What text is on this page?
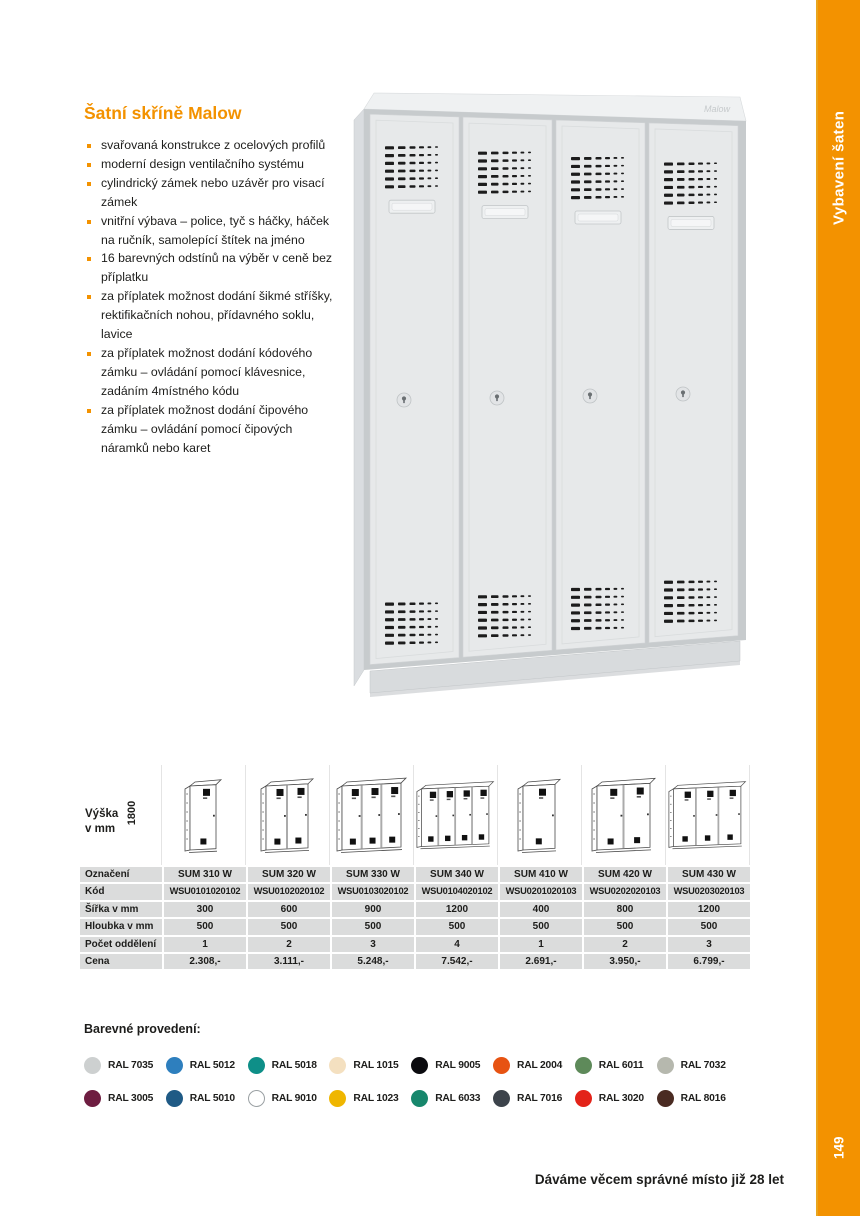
Vybavení šaten
149
Šatní skříně Malow
svařovaná konstrukce z ocelových profilů
moderní design ventilačního systému
cylindrický zámek nebo uzávěr pro visací zámek
vnitřní výbava – police, tyč s háčky, háček na ručník, samolepící štítek na jméno
16 barevných odstínů na výběr v ceně bez příplatku
za příplatek možnost dodání šikmé stříšky, rektifikačních nohou, přídavného soklu, lavice
za příplatek možnost dodání kódového zámku – ovládání pomocí klávesnice, zadáním 4místného kódu
za příplatek možnost dodání čipového zámku – ovládání pomocí čipových náramků nebo karet
Malow
Výška
v mm
1800
Označení	SUM 310 W	SUM 320 W	SUM 330 W	SUM 340 W	SUM 410 W	SUM 420 W	SUM 430 W
Kód	WSU0101020102	WSU0102020102	WSU0103020102	WSU0104020102	WSU0201020103	WSU0202020103	WSU0203020103
Šířka v mm	300	600	900	1200	400	800	1200
Hloubka v mm	500	500	500	500	500	500	500
Počet oddělení	1	2	3	4	1	2	3
Cena	2.308,-	3.111,-	5.248,-	7.542,-	2.691,-	3.950,-	6.799,-
Barevné provedení:
RAL 7035	RAL 5012	RAL 5018	RAL 1015	RAL 9005	RAL 2004	RAL 6011	RAL 7032
RAL 3005	RAL 5010	RAL 9010	RAL 1023	RAL 6033	RAL 7016	RAL 3020	RAL 8016
Dáváme věcem správné místo již 28 let
